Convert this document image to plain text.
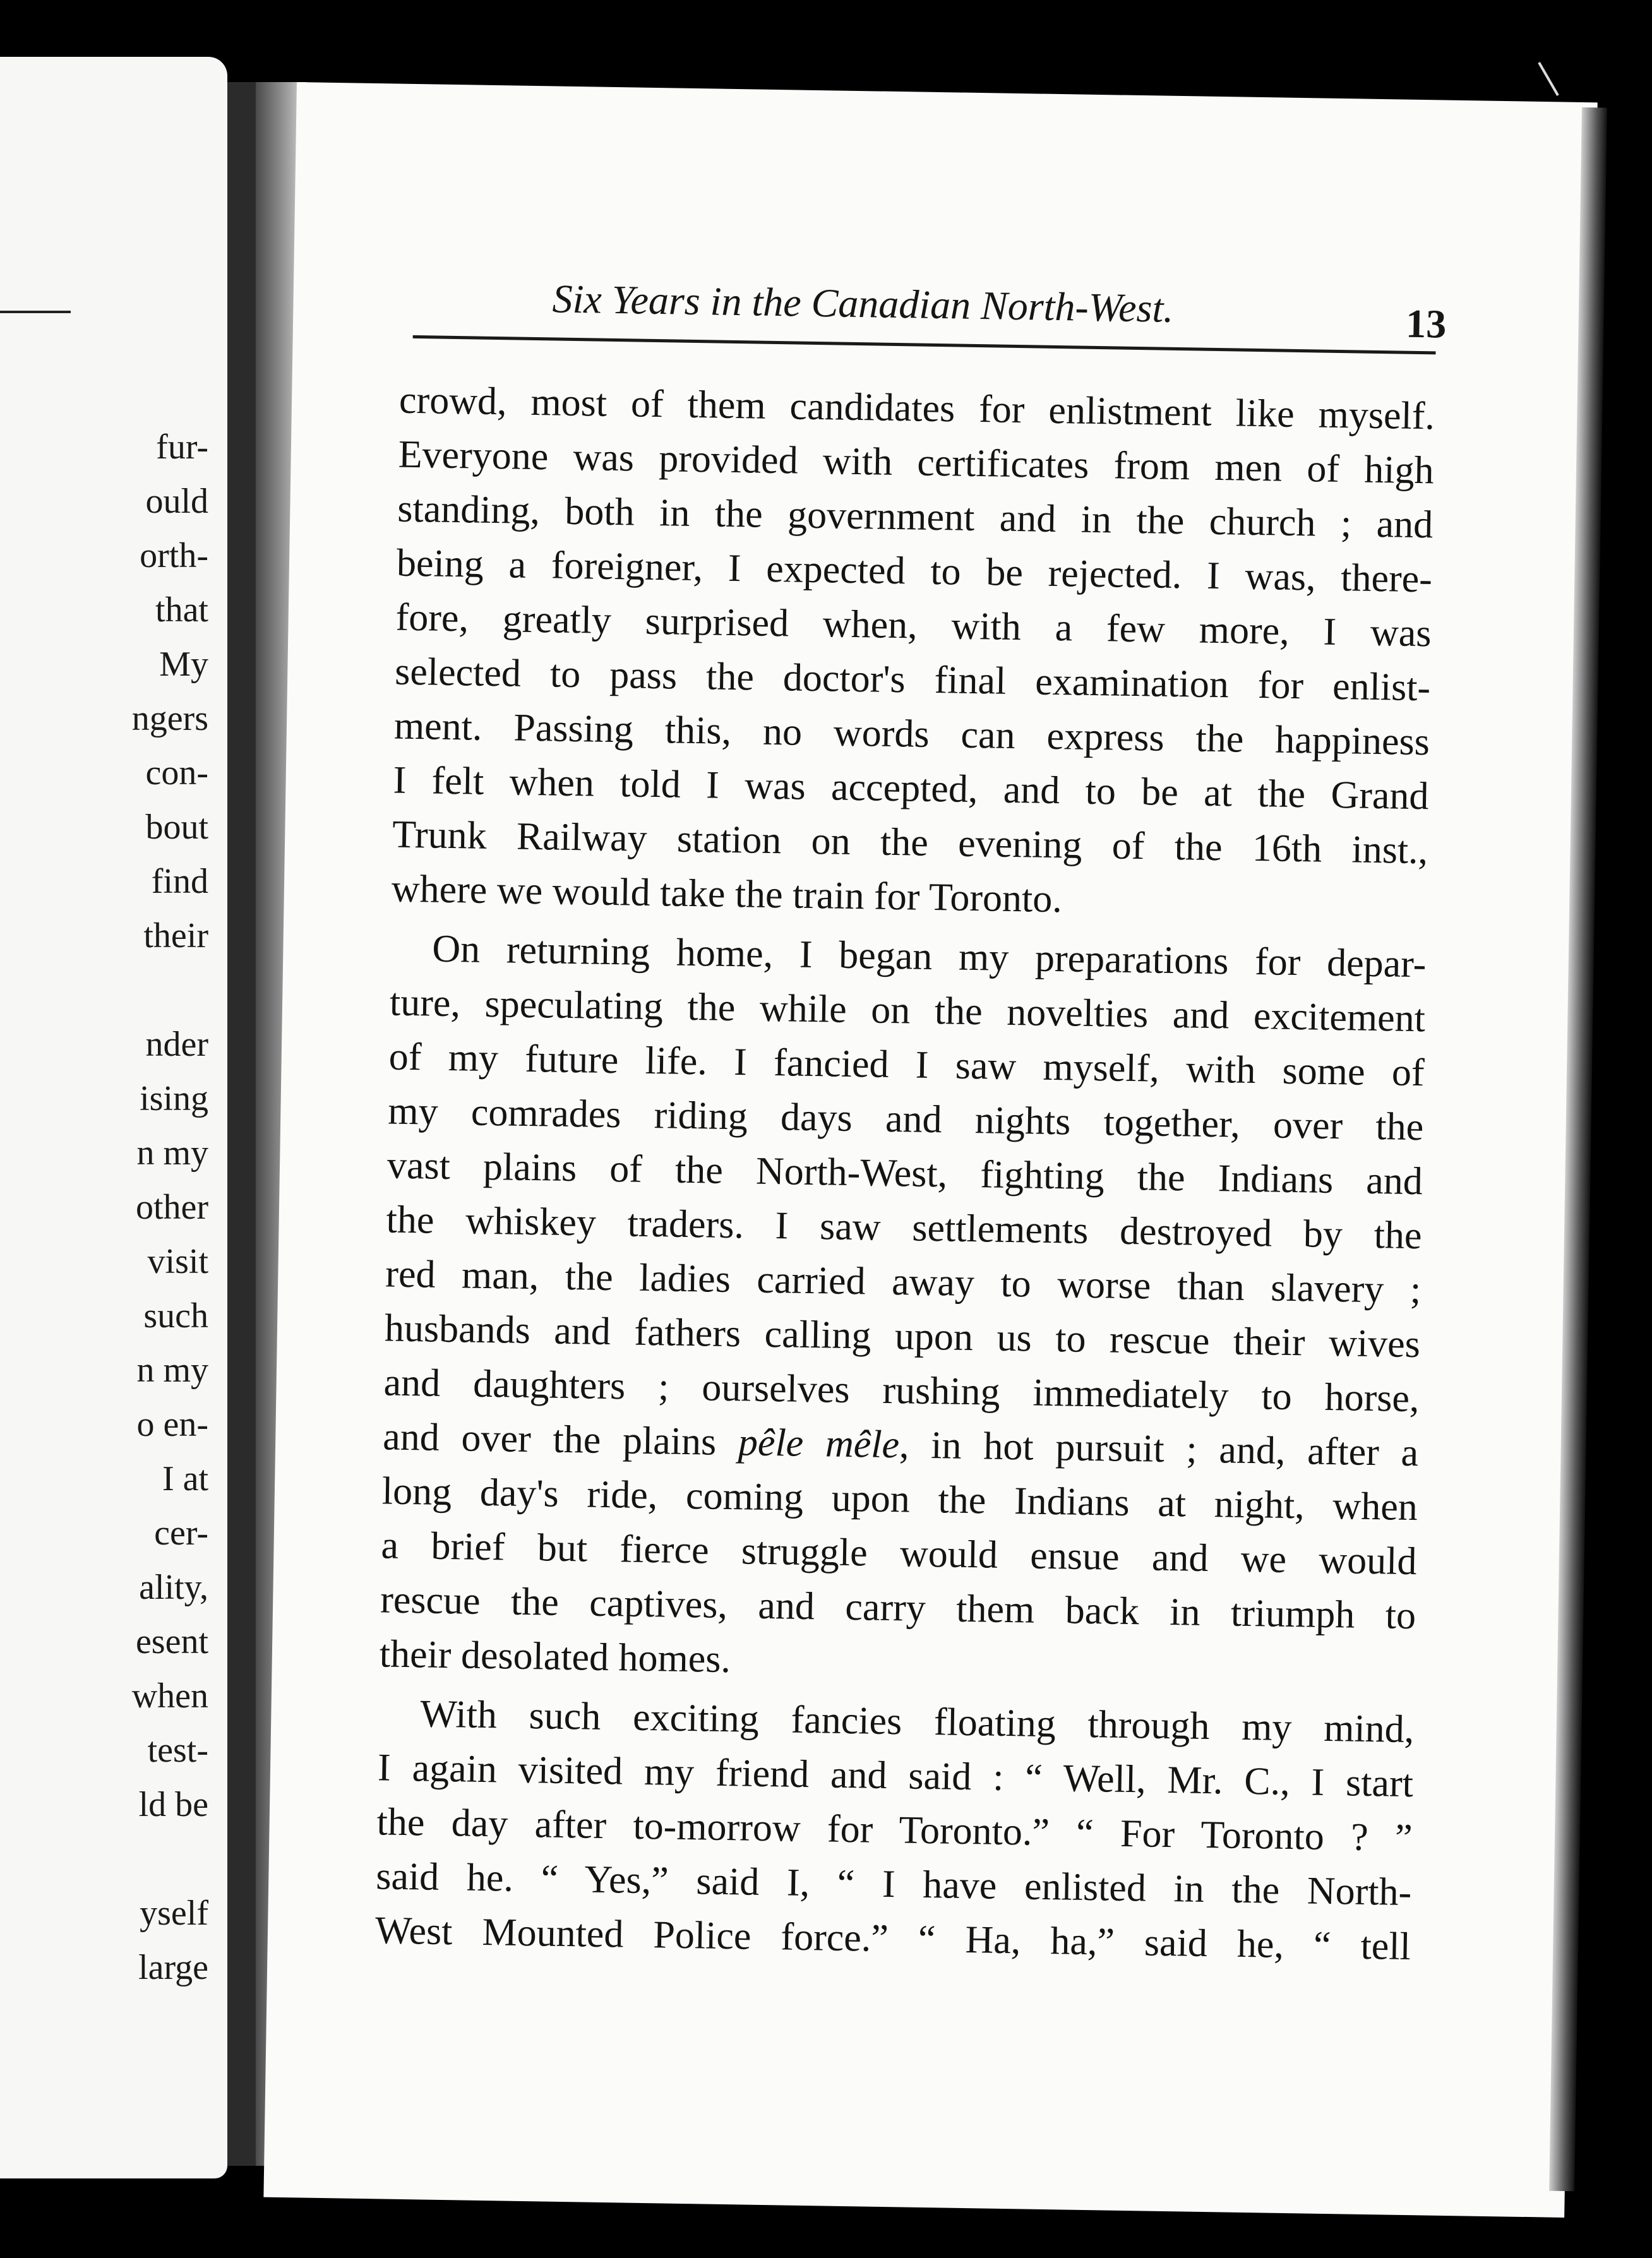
fur-
ould
orth-
that
My
ngers
con-
bout
find
their
nder
ising
n my
other
visit
such
n my
o en-
I at
cer-
ality,
esent
when
test-
ld be
yself
large
Six Years in the Canadian North-West.	13
crowd, most of them candidates for enlistment like myself.
Everyone was provided with certificates from men of high
standing, both in the government and in the church ; and
being a foreigner, I expected to be rejected. I was, there-
fore, greatly surprised when, with a few more, I was
selected to pass the doctor's final examination for enlist-
ment. Passing this, no words can express the happiness
I felt when told I was accepted, and to be at the Grand
Trunk Railway station on the evening of the 16th inst.,
where we would take the train for Toronto.
On returning home, I began my preparations for depar-
ture, speculating the while on the novelties and excitement
of my future life. I fancied I saw myself, with some of
my comrades riding days and nights together, over the
vast plains of the North-West, fighting the Indians and
the whiskey traders. I saw settlements destroyed by the
red man, the ladies carried away to worse than slavery ;
husbands and fathers calling upon us to rescue their wives
and daughters ; ourselves rushing immediately to horse,
and over the plains pêle mêle, in hot pursuit ; and, after a
long day's ride, coming upon the Indians at night, when
a brief but fierce struggle would ensue and we would
rescue the captives, and carry them back in triumph to
their desolated homes.
With such exciting fancies floating through my mind,
I again visited my friend and said : “ Well, Mr. C., I start
the day after to-morrow for Toronto.” “ For Toronto ? ”
said he. “ Yes,” said I, “ I have enlisted in the North-
West Mounted Police force.” “ Ha, ha,” said he, “ tell
